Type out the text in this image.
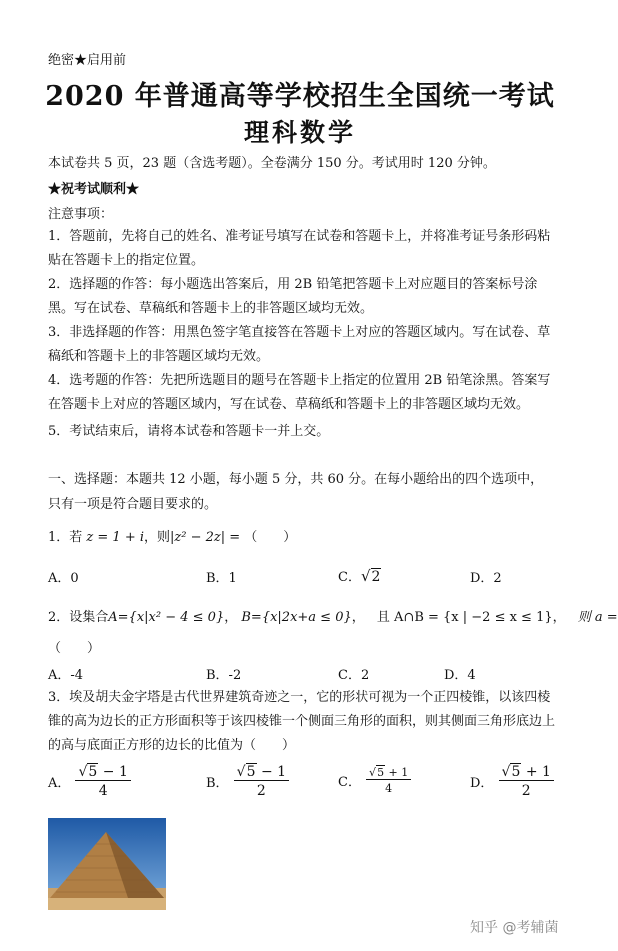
绝密★启用前
2020 年普通高等学校招生全国统一考试
理科数学
本试卷共 5 页，23 题（含选考题）。全卷满分 150 分。考试用时 120 分钟。
★祝考试顺利★
注意事项：
1．答题前，先将自己的姓名、准考证号填写在试卷和答题卡上，并将准考证号条形码粘贴在答题卡上的指定位置。
2．选择题的作答：每小题选出答案后，用 2B 铅笔把答题卡上对应题目的答案标号涂黑。写在试卷、草稿纸和答题卡上的非答题区域均无效。
3．非选择题的作答：用黑色签字笔直接答在答题卡上对应的答题区域内。写在试卷、草稿纸和答题卡上的非答题区域均无效。
4．选考题的作答：先把所选题目的题号在答题卡上指定的位置用 2B 铅笔涂黑。答案写在答题卡上对应的答题区域内，写在试卷、草稿纸和答题卡上的非答题区域均无效。
5．考试结束后，请将本试卷和答题卡一并上交。
一、选择题：本题共 12 小题，每小题 5 分，共 60 分。在每小题给出的四个选项中，只有一项是符合题目要求的。
1．若 z = 1 + i，则|z² − 2z| = （　　）
A．0	B．1	C．√2	D．2
2．设集合A={x|x² − 4 ≤ 0}， B={x|2x+a ≤ 0}， 且 A∩B = {x | −2 ≤ x ≤ 1}， 则 a =
（　　）
A．-4	B．-2	C．2	D．4
3．埃及胡夫金字塔是古代世界建筑奇迹之一，它的形状可视为一个正四棱锥，以该四棱锥的高为边长的正方形面积等于该四棱锥一个侧面三角形的面积，则其侧面三角形底边上的高与底面正方形的边长的比值为（　　）
A． $\frac{√5 - 1}{4}$	B． $\frac{√5 - 1}{2}$	C． $\frac{√5 + 1}{4}$	D． $\frac{√5 + 1}{2}$
知乎 @考辅菌
